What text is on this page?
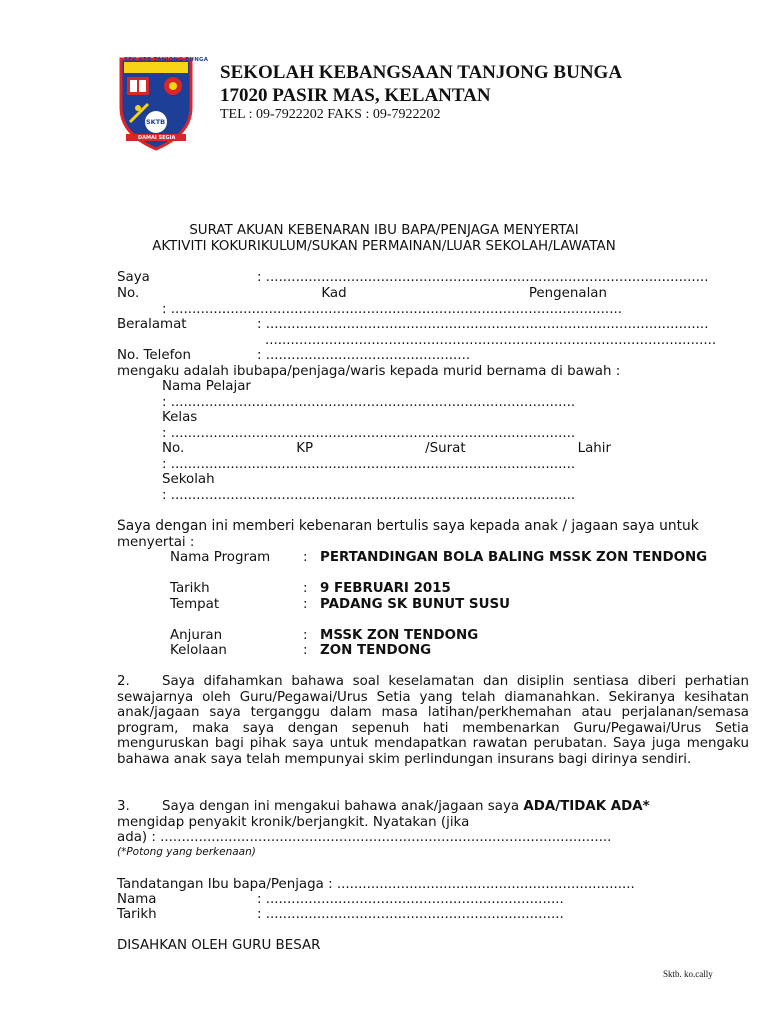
SEK KEB TANJONG BUNGA
SKTB
DAMAI SEGIA
SEKOLAH KEBANGSAAN TANJONG BUNGA
17020 PASIR MAS, KELANTAN
TEL : 09-7922202 FAKS : 09-7922202
SURAT AKUAN KEBENARAN IBU BAPA/PENJAGA MENYERTAI
AKTIVITI KOKURIKULUM/SUKAN PERMAINAN/LUAR SEKOLAH/LAWATAN
Saya	: ........................................................................................................
No.	Kad	Pengenalan
: ..........................................................................................................
Beralamat	: ........................................................................................................
..........................................................................................................
No. Telefon	: ................................................
mengaku adalah ibubapa/penjaga/waris kepada murid bernama di bawah :
Nama Pelajar
: ...............................................................................................
Kelas
: ...............................................................................................
No.	KP	/Surat	Lahir
: ...............................................................................................
Sekolah
: ...............................................................................................
Saya dengan ini memberi kebenaran bertulis saya kepada anak / jagaan saya untuk
menyertai :
Nama Program : PERTANDINGAN BOLA BALING MSSK ZON TENDONG
Tarikh	: 9 FEBRUARI 2015
Tempat	: PADANG SK BUNUT SUSU
Anjuran	: MSSK ZON TENDONG
Kelolaan	: ZON TENDONG
2.	Saya difahamkan bahawa soal keselamatan dan disiplin sentiasa diberi perhatian sewajarnya oleh Guru/Pegawai/Urus Setia yang telah diamanahkan. Sekiranya kesihatan anak/jagaan saya terganggu dalam masa latihan/perkhemahan atau perjalanan/semasa program, maka saya dengan sepenuh hati membenarkan Guru/Pegawai/Urus Setia menguruskan bagi pihak saya untuk mendapatkan rawatan perubatan. Saya juga mengaku bahawa anak saya telah mempunyai skim perlindungan insurans bagi dirinya sendiri.
3. Saya dengan ini mengakui bahawa anak/jagaan saya ADA/TIDAK ADA*
mengidap penyakit kronik/berjangkit. Nyatakan (jika
ada) : ..........................................................................................................
(*Potong yang berkenaan)
Tandatangan Ibu bapa/Penjaga : ......................................................................
Nama	: ......................................................................
Tarikh	: ......................................................................
DISAHKAN OLEH GURU BESAR
Sktb. ko.cally
